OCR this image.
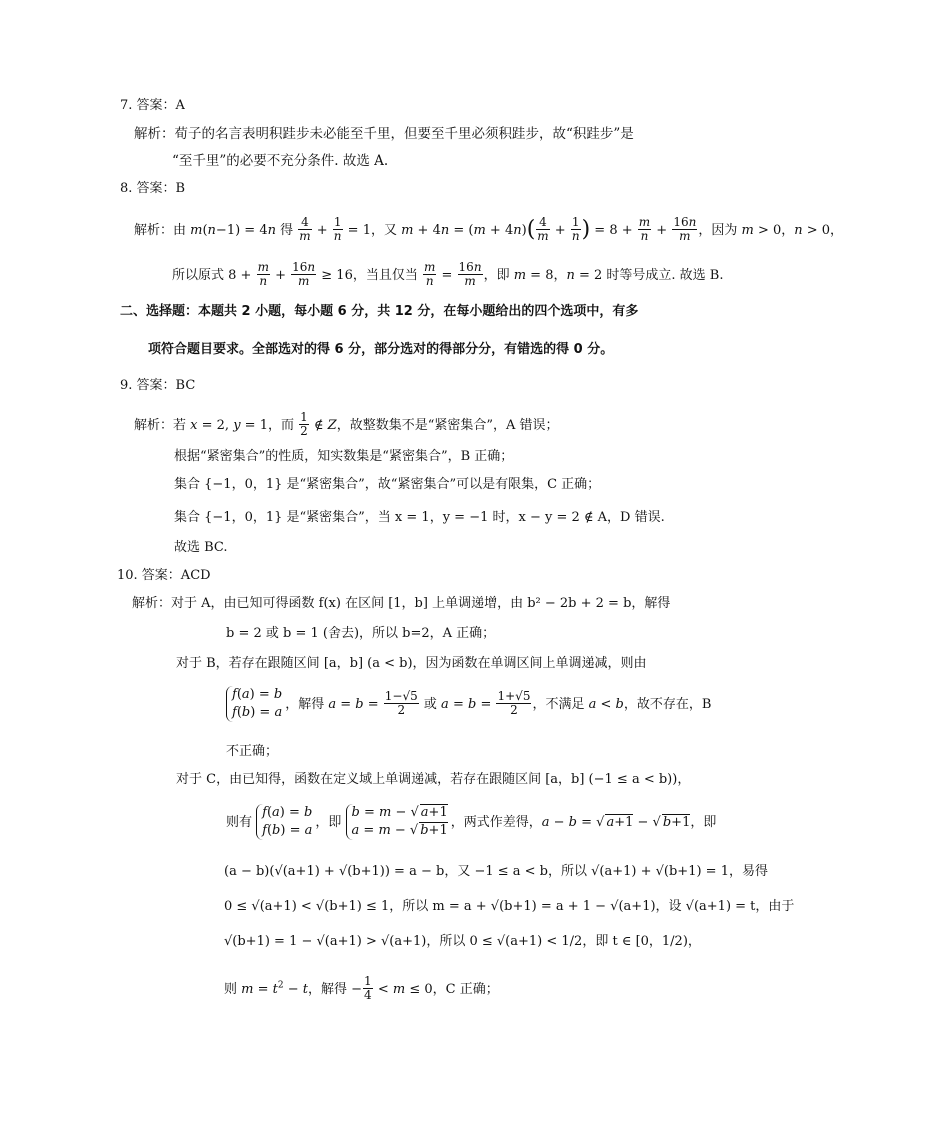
7. 答案：A
解析：荀子的名言表明积跬步未必能至千里，但要至千里必须积跬步，故“积跬步”是
“至千里”的必要不充分条件. 故选 A.
8. 答案：B
解析：由 m(n−1) = 4n 得 $\frac{4}{m} + \frac{1}{n} = 1$，又 $m + 4n = (m + 4n)( \frac{4}{m} + \frac{1}{n}$ ) = $8 + \frac{m}{n} + \frac{16n}{m}$ ，因为 m > 0，n > 0，
所以原式 $8 + \frac{m}{n} + \frac{16n}{m} \ge 16$，当且仅当 $\frac{m}{n} = \frac{16n}{m}$ ，即 m = 8，n = 2 时等号成立. 故选 B.
二、选择题：本题共 2 小题，每小题 6 分，共 12 分，在每小题给出的四个选项中，有多
项符合题目要求。全部选对的得 6 分，部分选对的得部分分，有错选的得 0 分。
9. 答案：BC
解析：若 x = 2, y = 1，而 $\frac{1}{2}$ ∉ Z，故整数集不是“紧密集合”，A 错误；
根据“紧密集合”的性质，知实数集是“紧密集合”，B 正确；
集合 {−1，0，1} 是“紧密集合”，故“紧密集合”可以是有限集，C 正确；
集合 {−1，0，1} 是“紧密集合”，当 x = 1，y = −1 时，x − y = 2 ∉ A，D 错误.
故选 BC.
10. 答案：ACD
解析：对于 A，由已知可得函数 f(x) 在区间 [1，b] 上单调递增，由 b² − 2b + 2 = b，解得
b = 2 或 b = 1 (舍去)，所以 b=2，A 正确；
对于 B，若存在跟随区间 [a，b] (a < b)，因为函数在单调区间上单调递减，则由
f(a) = b
f(b) = a
，解得 $a = b = \frac{1-√5}{2}$ 或 $a = b = \frac{1+√5}{2}$ ，不满足 a < b，故不存在，B
不正确；
对于 C，由已知得，函数在定义域上单调递减，若存在跟随区间 [a，b] (−1 ≤ a < b))，
则有
f(a) = b
f(b) = a
，即
b = m − √ a+1
a = m − √ b+1
，两式作差得，a − b = √ a+1 − √ b+1，即
(a − b)(√(a+1) + √(b+1)) = a − b，又 −1 ≤ a < b，所以 √(a+1) + √(b+1) = 1，易得
0 ≤ √(a+1) < √(b+1) ≤ 1，所以 m = a + √(b+1) = a + 1 − √(a+1)，设 √(a+1) = t，由于
√(b+1) = 1 − √(a+1) > √(a+1)，所以 0 ≤ √(a+1) < 1/2，即 t ∈ [0，1/2)，
则 $m = t^2 - t$，解得 − $\frac{1}{4} < m \le 0$，C 正确；
